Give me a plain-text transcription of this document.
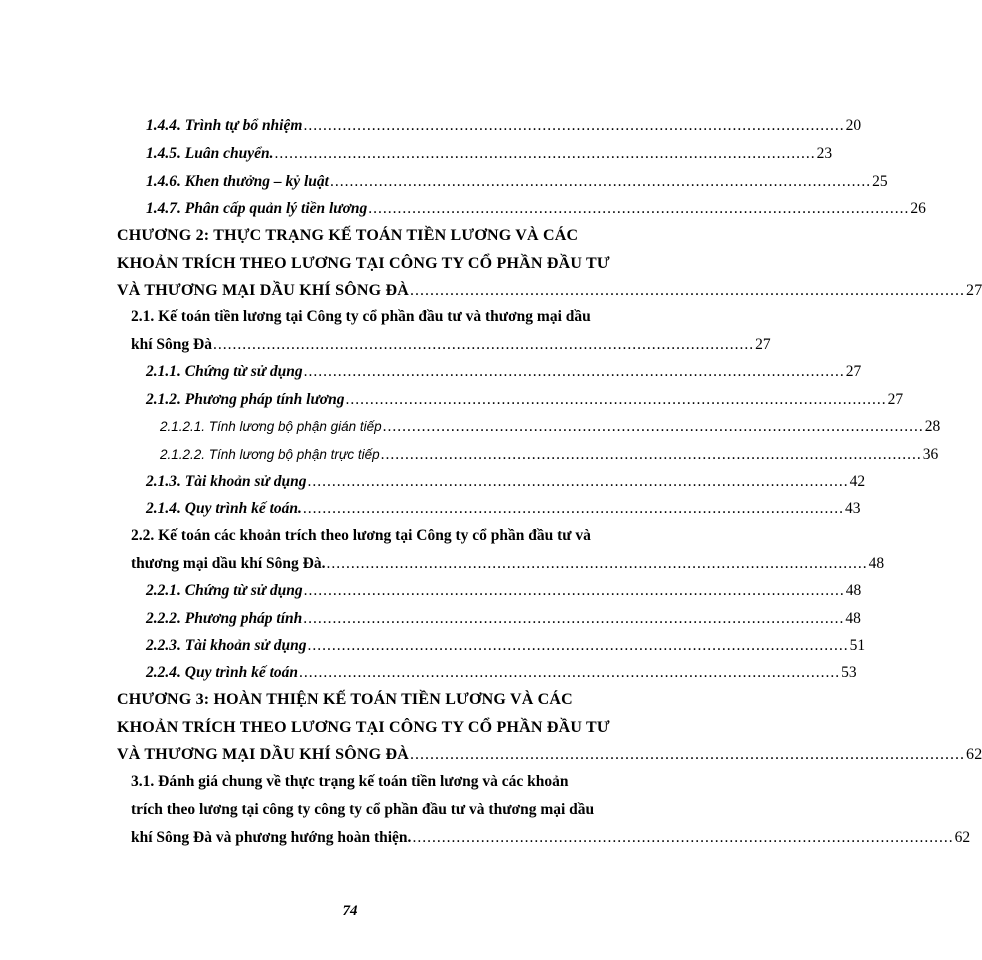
1.4.4. Trình tự bổ nhiệm ............................................................................................................... 20
1.4.5. Luân chuyển. ............................................................................................................... 23
1.4.6. Khen thưởng – kỷ luật ............................................................................................................... 25
1.4.7. Phân cấp quản lý tiền lương ............................................................................................................... 26
CHƯƠNG 2: THỰC TRẠNG KẾ TOÁN TIỀN LƯƠNG VÀ CÁC
KHOẢN TRÍCH THEO LƯƠNG TẠI CÔNG TY CỔ PHẦN ĐẦU TƯ
VÀ THƯƠNG MẠI DẦU KHÍ SÔNG ĐÀ ............................................................................................................... 27
2.1. Kế toán tiền lương tại Công ty cổ phần đầu tư và thương mại dầu
khí Sông Đà ............................................................................................................... 27
2.1.1. Chứng từ sử dụng ............................................................................................................... 27
2.1.2. Phương pháp tính lương ............................................................................................................... 27
2.1.2.1. Tính lương bộ phận gián tiếp ............................................................................................................... 28
2.1.2.2. Tính lương bộ phận trực tiếp ............................................................................................................... 36
2.1.3. Tài khoản sử dụng ............................................................................................................... 42
2.1.4. Quy trình kế toán. ............................................................................................................... 43
2.2. Kế toán các khoản trích theo lương tại Công ty cổ phần đầu tư và
thương mại dầu khí Sông Đà. ............................................................................................................... 48
2.2.1. Chứng từ sử dụng ............................................................................................................... 48
2.2.2. Phương pháp tính ............................................................................................................... 48
2.2.3. Tài khoản sử dụng ............................................................................................................... 51
2.2.4. Quy trình kế toán ............................................................................................................... 53
CHƯƠNG 3: HOÀN THIỆN KẾ TOÁN TIỀN LƯƠNG VÀ CÁC
KHOẢN TRÍCH THEO LƯƠNG TẠI CÔNG TY CỔ PHẦN ĐẦU TƯ
VÀ THƯƠNG MẠI DẦU KHÍ SÔNG ĐÀ ............................................................................................................... 62
3.1. Đánh giá chung về thực trạng kế toán tiền lương và các khoản
trích theo lương tại công ty công ty cổ phần đầu tư và thương mại dầu
khí Sông Đà và phương hướng hoàn thiện. ............................................................................................................... 62
74
